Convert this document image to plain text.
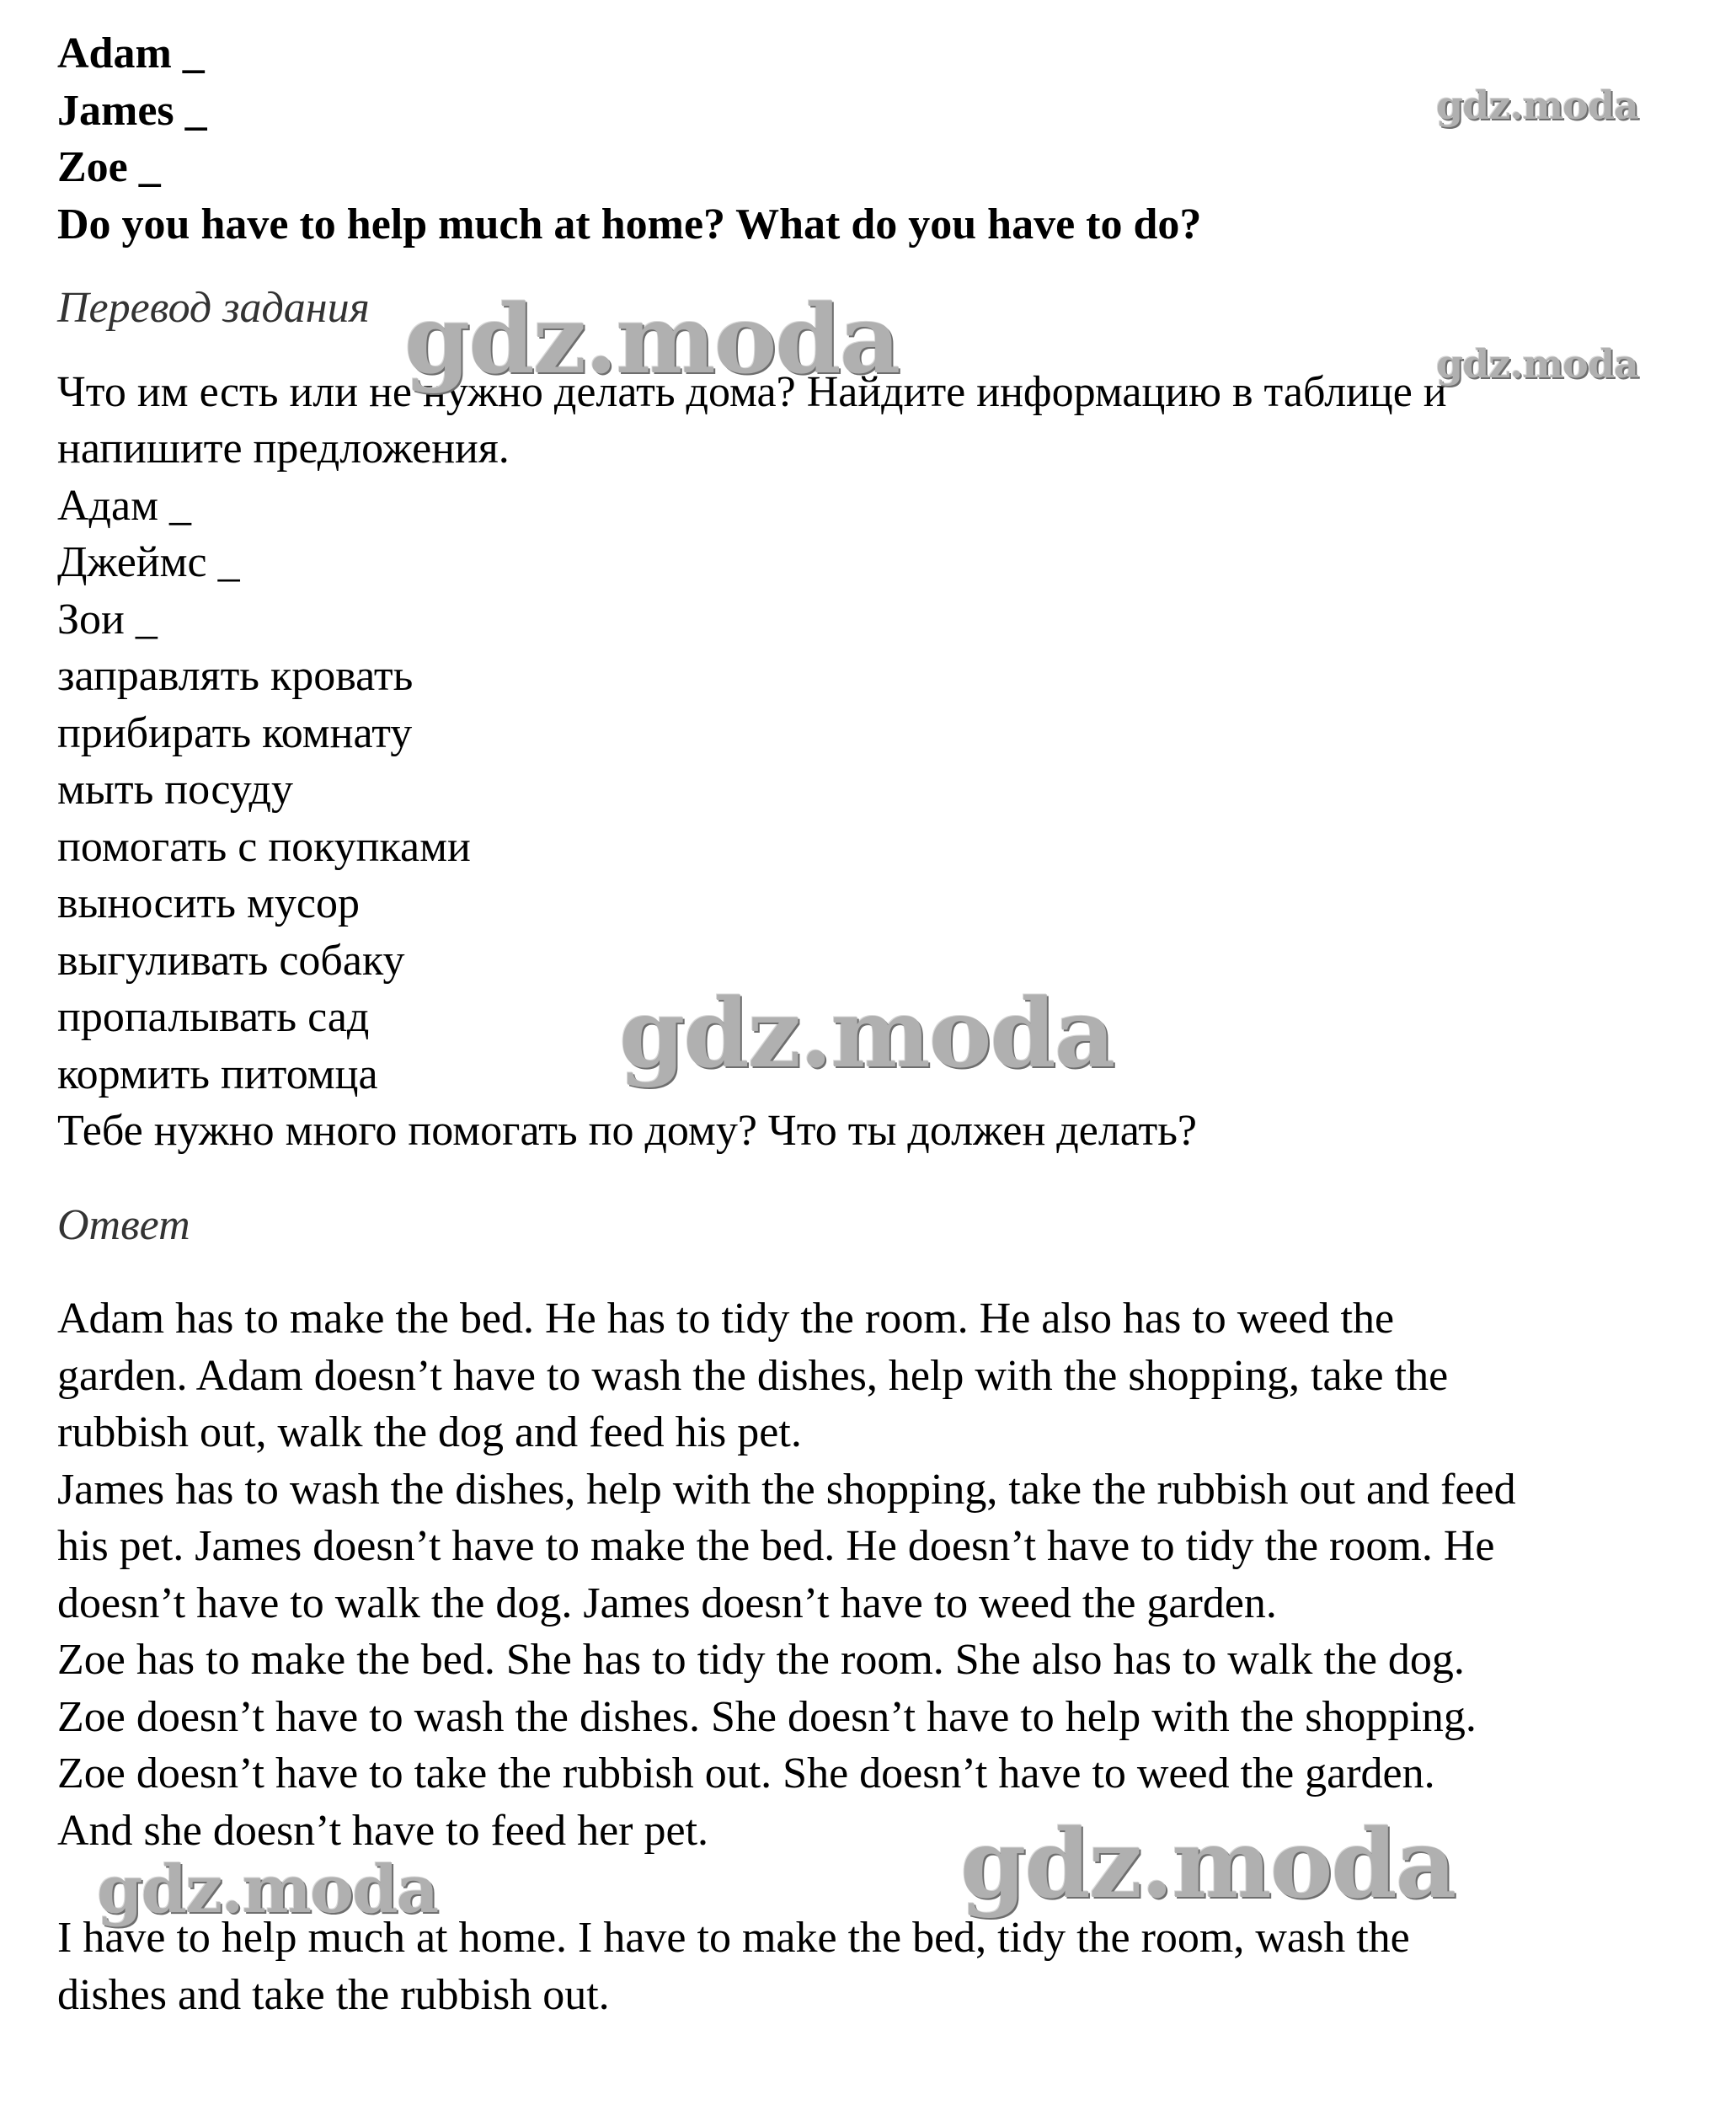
Adam _
James _
Zoe _
Do you have to help much at home? What do you have to do?
Перевод задания
Что им есть или не нужно делать дома? Найдите информацию в таблице и
напишите предложения.
Адам _
Джеймс _
Зои _
заправлять кровать
прибирать комнату
мыть посуду
помогать с покупками
выносить мусор
выгуливать собаку
пропалывать сад
кормить питомца
Тебе нужно много помогать по дому? Что ты должен делать?
Ответ
Adam has to make the bed. He has to tidy the room. He also has to weed the
garden. Adam doesn’t have to wash the dishes, help with the shopping, take the
rubbish out, walk the dog and feed his pet.
James has to wash the dishes, help with the shopping, take the rubbish out and feed
his pet. James doesn’t have to make the bed. He doesn’t have to tidy the room. He
doesn’t have to walk the dog. James doesn’t have to weed the garden.
Zoe has to make the bed. She has to tidy the room. She also has to walk the dog.
Zoe doesn’t have to wash the dishes. She doesn’t have to help with the shopping.
Zoe doesn’t have to take the rubbish out. She doesn’t have to weed the garden.
And she doesn’t have to feed her pet.
I have to help much at home. I have to make the bed, tidy the room, wash the
dishes and take the rubbish out.
gdz.moda
gdz.moda	gdz.moda
gdz.moda
gdz.moda
gdz.moda
